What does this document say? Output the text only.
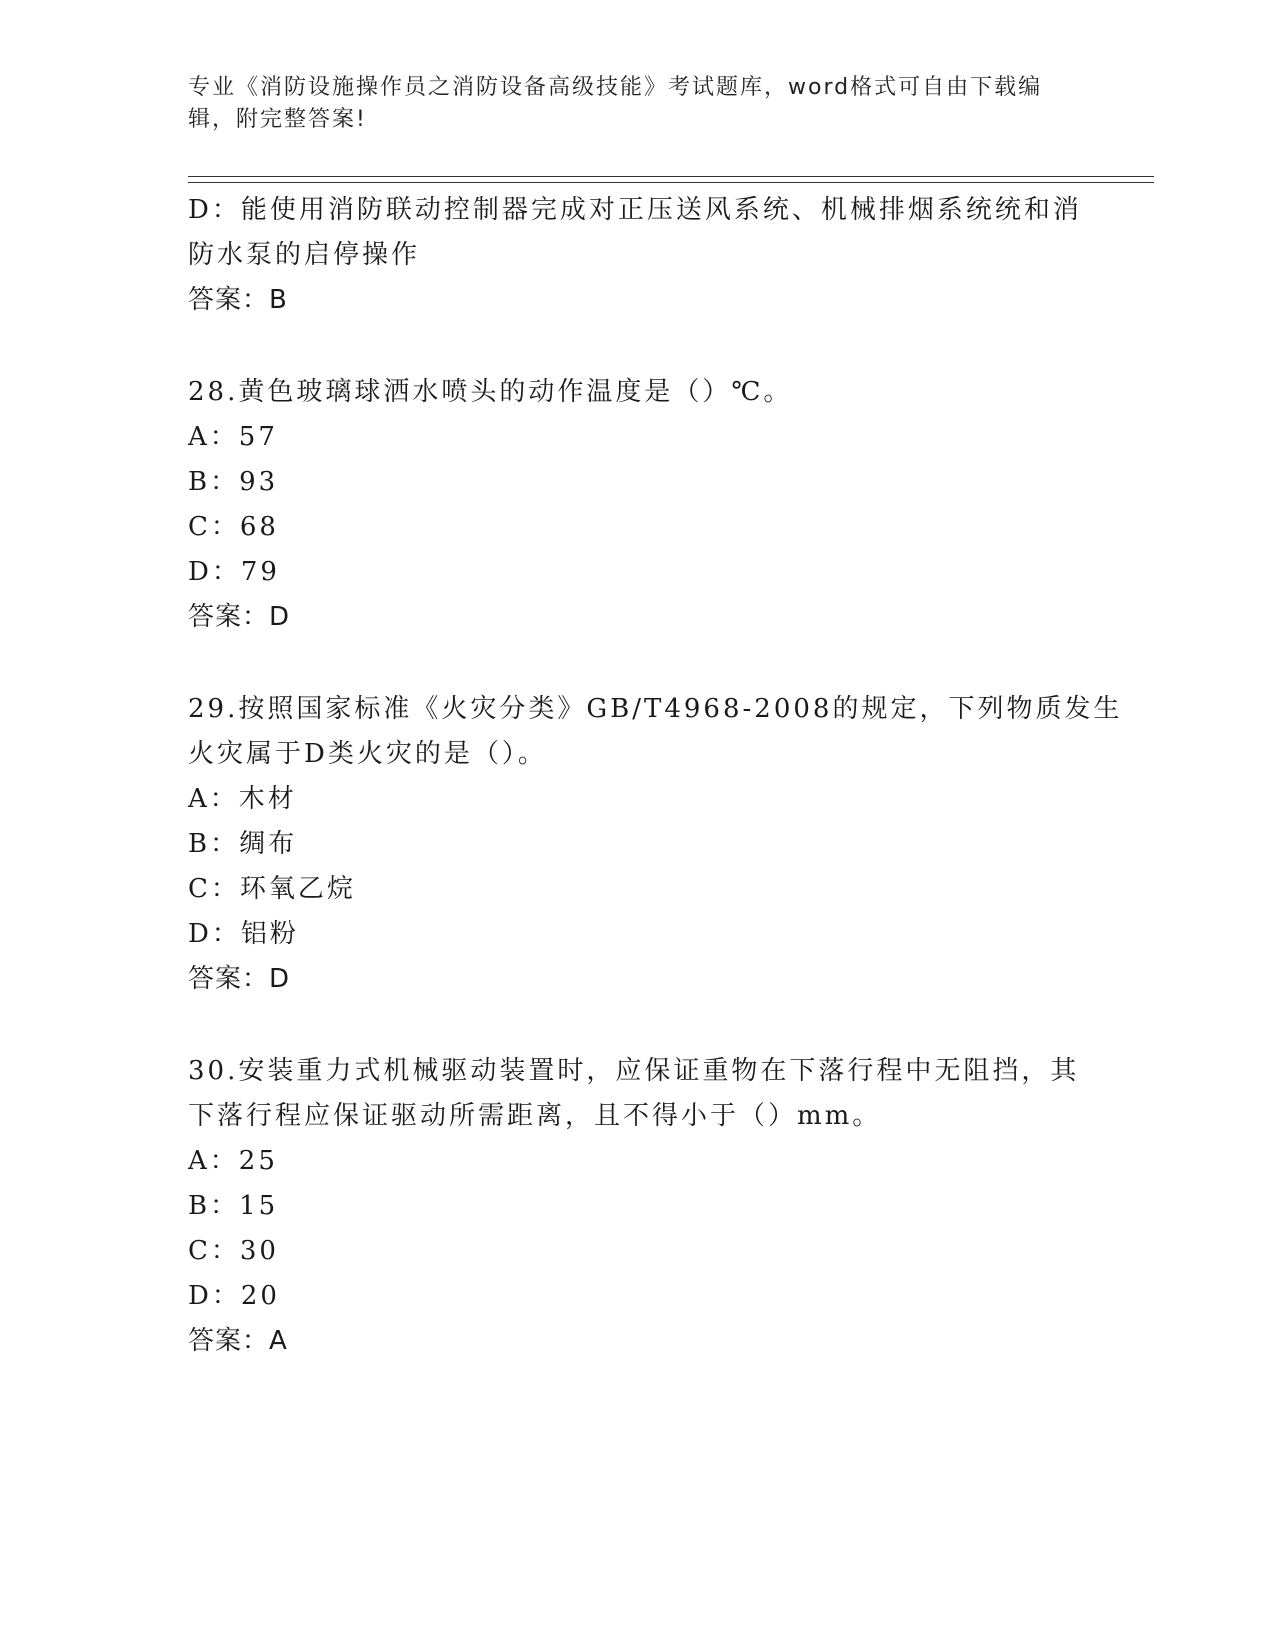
专业《消防设施操作员之消防设备高级技能》考试题库，word格式可自由下载编
辑，附完整答案!
D：能使用消防联动控制器完成对正压送风系统、机械排烟系统统和消
防水泵的启停操作
答案：B
28.黄色玻璃球洒水喷头的动作温度是（）℃。
A：57
B：93
C：68
D：79
答案：D
29.按照国家标准《火灾分类》GB/T4968-2008的规定，下列物质发生
火灾属于D类火灾的是（）。
A：木材
B：绸布
C：环氧乙烷
D：铝粉
答案：D
30.安装重力式机械驱动装置时，应保证重物在下落行程中无阻挡，其
下落行程应保证驱动所需距离，且不得小于（）mm。
A：25
B：15
C：30
D：20
答案：A
